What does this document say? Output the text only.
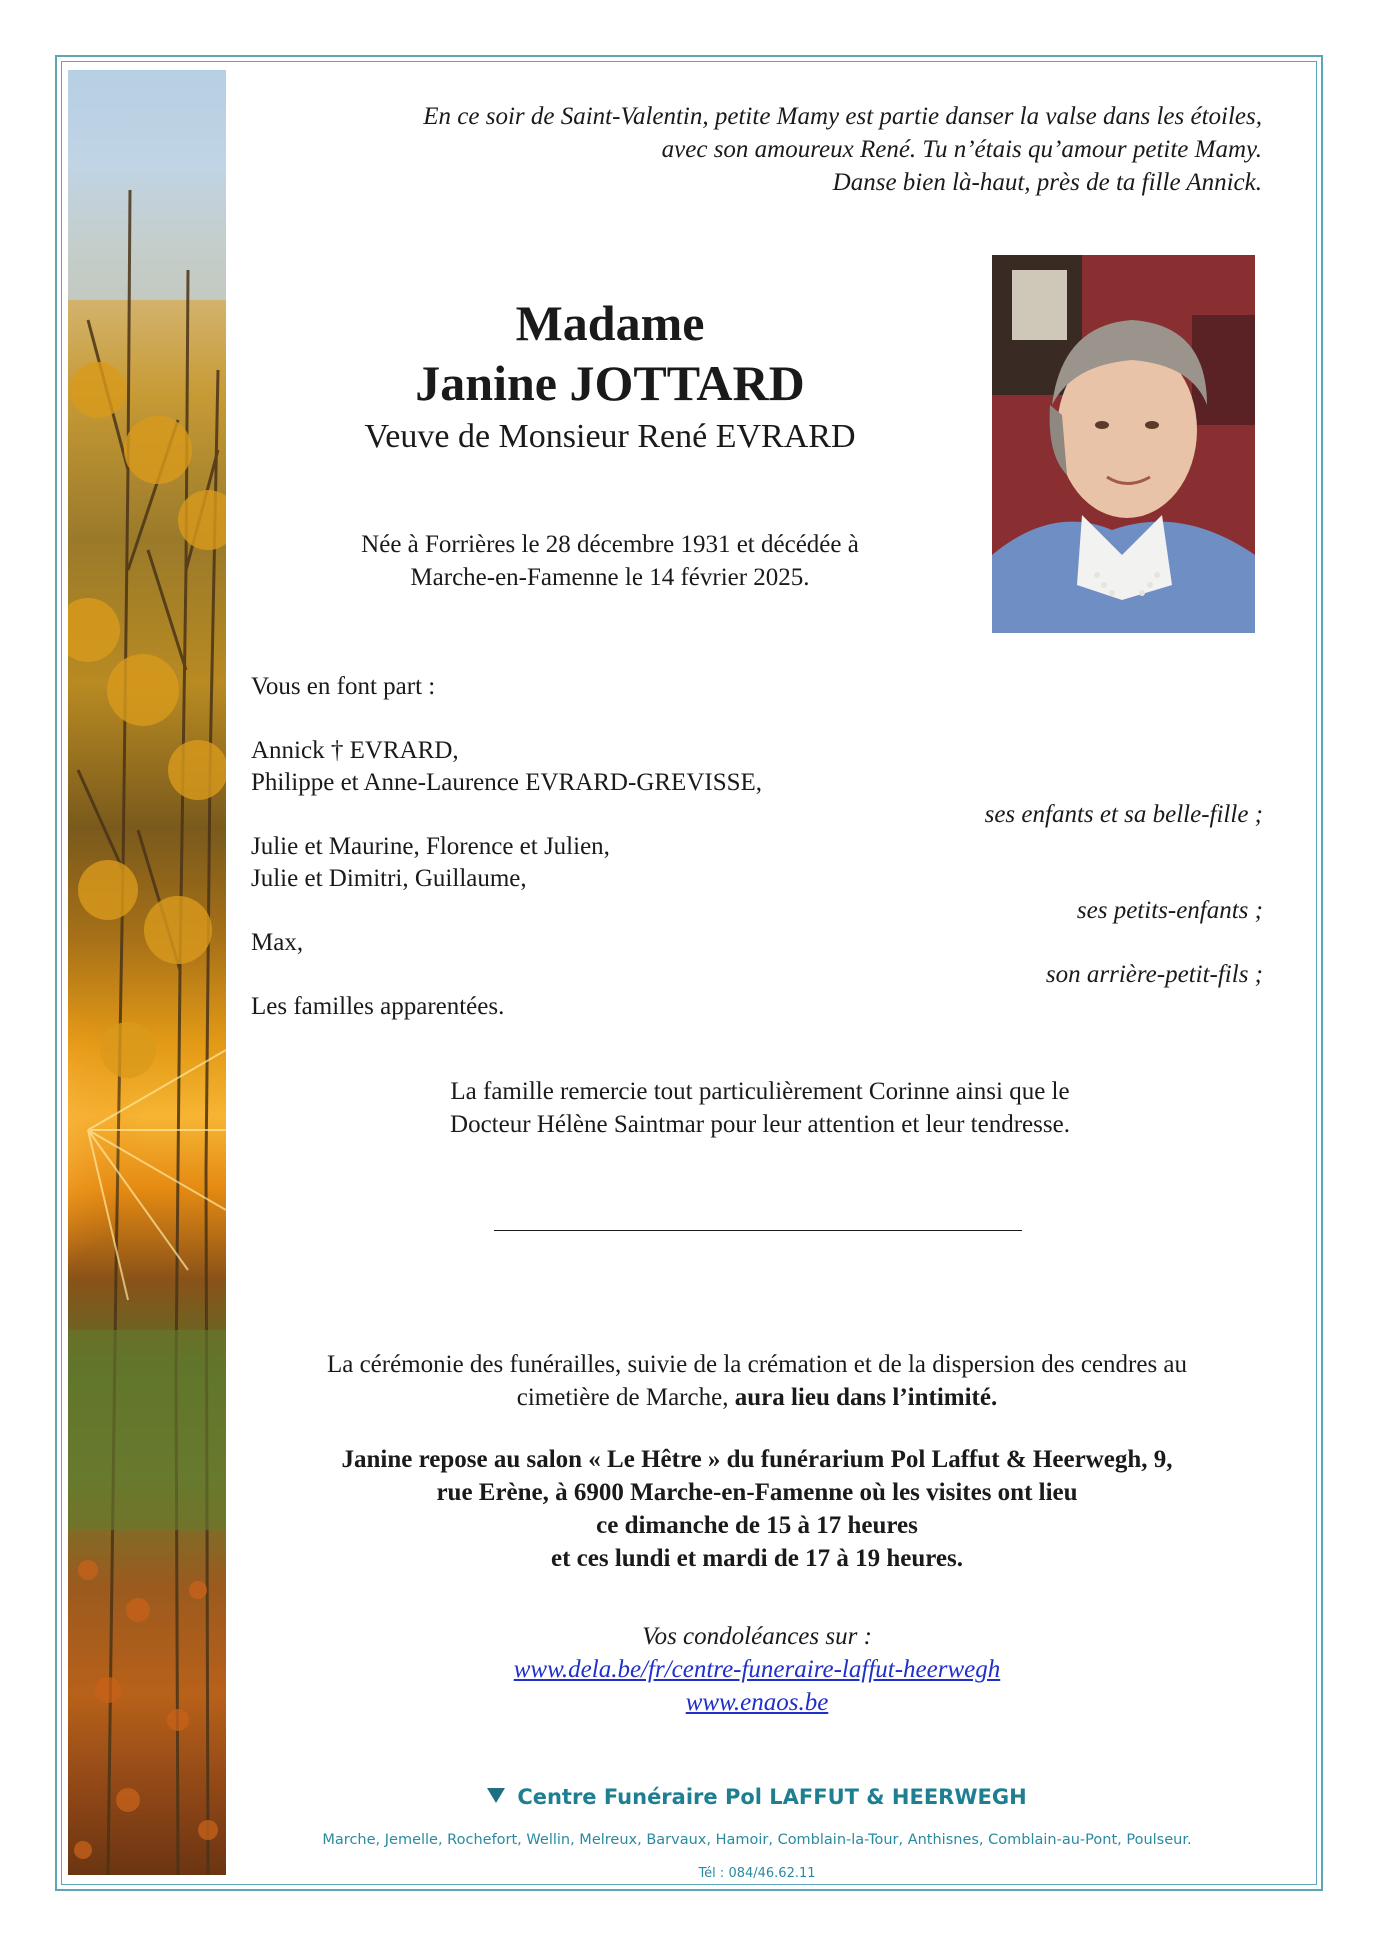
En ce soir de Saint-Valentin, petite Mamy est partie danser la valse dans les étoiles,
avec son amoureux René. Tu n’étais qu’amour petite Mamy.
Danse bien là-haut, près de ta fille Annick.
Madame
Janine JOTTARD
Veuve de Monsieur René EVRARD
Née à Forrières le 28 décembre 1931 et décédée à
Marche-en-Famenne le 14 février 2025.
Vous en font part :
Annick † EVRARD,
Philippe et Anne-Laurence EVRARD-GREVISSE,
ses enfants et sa belle-fille ;
Julie et Maurine, Florence et Julien,
Julie et Dimitri, Guillaume,
ses petits-enfants ;
Max,
son arrière-petit-fils ;
Les familles apparentées.
La famille remercie tout particulièrement Corinne ainsi que le
Docteur Hélène Saintmar pour leur attention et leur tendresse.
La cérémonie des funérailles, suivie de la crémation et de la dispersion des cendres au
cimetière de Marche, aura lieu dans l’intimité.
Janine repose au salon « Le Hêtre » du funérarium Pol Laffut & Heerwegh, 9,
rue Erène, à 6900 Marche-en-Famenne où les visites ont lieu
ce dimanche de 15 à 17 heures
et ces lundi et mardi de 17 à 19 heures.
Vos condoléances sur :
www.dela.be/fr/centre-funeraire-laffut-heerwegh
www.enaos.be
Centre Funéraire Pol LAFFUT & HEERWEGH
Marche, Jemelle, Rochefort, Wellin, Melreux, Barvaux, Hamoir, Comblain-la-Tour, Anthisnes, Comblain-au-Pont, Poulseur.
Tél : 084/46.62.11
